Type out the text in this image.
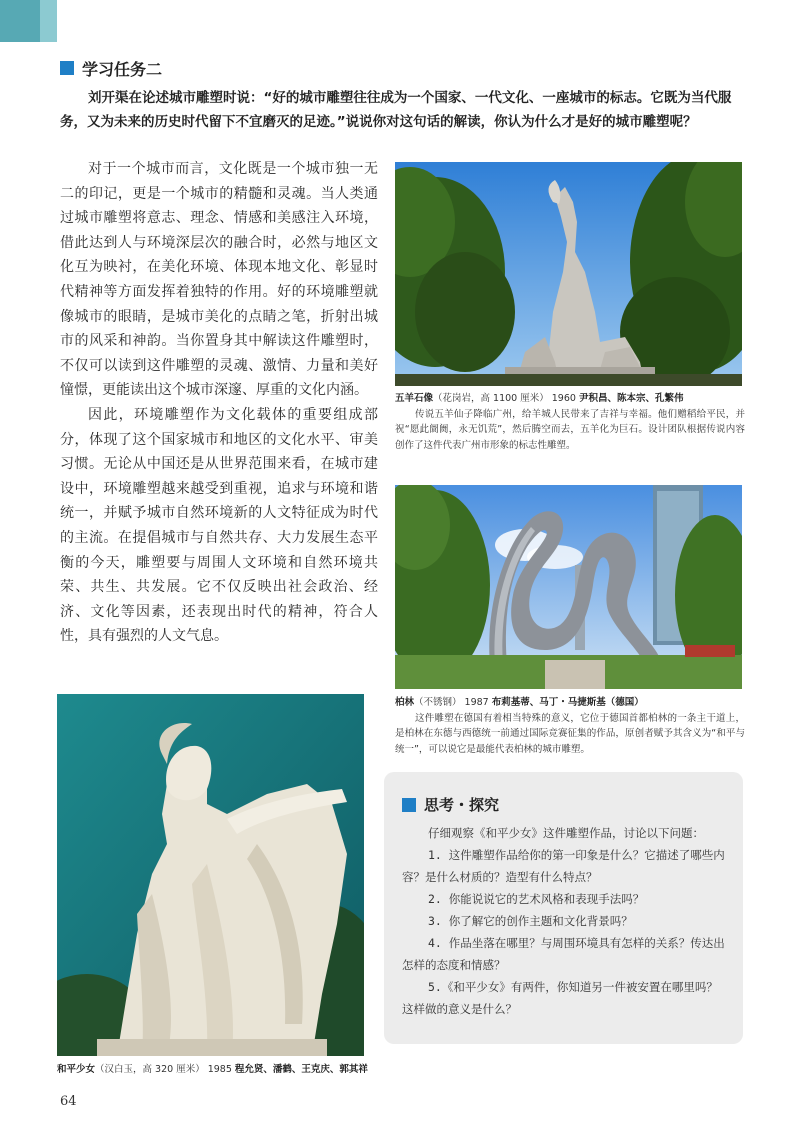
学习任务二
刘开渠在论述城市雕塑时说：“好的城市雕塑往往成为一个国家、一代文化、一座城市的标志。它既为当代服务，又为未来的历史时代留下不宜磨灭的足迹。”说说你对这句话的解读，你认为什么才是好的城市雕塑呢？

对于一个城市而言，文化既是一个城市独一无二的印记，更是一个城市的精髓和灵魂。当人类通过城市雕塑将意志、理念、情感和美感注入环境，借此达到人与环境深层次的融合时，必然与地区文化互为映衬，在美化环境、体现本地文化、彰显时代精神等方面发挥着独特的作用。好的环境雕塑就像城市的眼睛，是城市美化的点睛之笔，折射出城市的风采和神韵。当你置身其中解读这件雕塑时，不仅可以读到这件雕塑的灵魂、激情、力量和美好憧憬，更能读出这个城市深邃、厚重的文化内涵。

因此，环境雕塑作为文化载体的重要组成部分，体现了这个国家城市和地区的文化水平、审美习惯。无论从中国还是从世界范围来看，在城市建设中，环境雕塑越来越受到重视，追求与环境和谐统一，并赋予城市自然环境新的人文特征成为时代的主流。在提倡城市与自然共存、大力发展生态平衡的今天，雕塑要与周围人文环境和自然环境共荣、共生、共发展。它不仅反映出社会政治、经济、文化等因素，还表现出时代的精神，符合人性，具有强烈的人文气息。

五羊石像（花岗岩，高 1100 厘米） 1960 尹积昌、陈本宗、孔繁伟
传说五羊仙子降临广州，给羊城人民带来了吉祥与幸福。他们赠稻给平民，并祝“愿此阛阓，永无饥荒”，然后腾空而去，五羊化为巨石。设计团队根据传说内容创作了这件代表广州市形象的标志性雕塑。
柏林（不锈钢） 1987 布莉基蒂、马丁・马捷斯基（德国）
这件雕塑在德国有着相当特殊的意义，它位于德国首都柏林的一条主干道上，是柏林在东德与西德统一前通过国际竞赛征集的作品，原创者赋予其含义为“和平与统一”，可以说它是最能代表柏林的城市雕塑。
和平少女（汉白玉，高 320 厘米） 1985 程允贤、潘鹤、王克庆、郭其祥
思考・探究

仔细观察《和平少女》这件雕塑作品，讨论以下问题：

1. 这件雕塑作品给你的第一印象是什么？它描述了哪些内容？是什么材质的？造型有什么特点？

2. 你能说说它的艺术风格和表现手法吗？

3. 你了解它的创作主题和文化背景吗？

4. 作品坐落在哪里？与周围环境具有怎样的关系？传达出怎样的态度和情感？

5.《和平少女》有两件，你知道另一件被安置在哪里吗？这样做的意义是什么？

64
